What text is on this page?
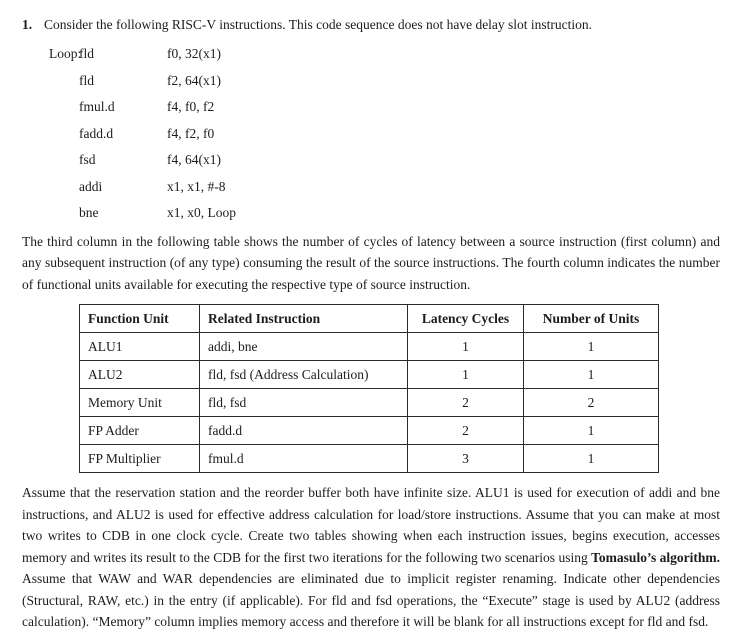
1. Consider the following RISC-V instructions. This code sequence does not have delay slot instruction.
Loop:
fld	f0, 32(x1)
fld	f2, 64(x1)
fmul.d	f4, f0, f2
fadd.d	f4, f2, f0
fsd	f4, 64(x1)
addi	x1, x1, #-8
bne	x1, x0, Loop

The third column in the following table shows the number of cycles of latency between a source instruction (first column) and any subsequent instruction (of any type) consuming the result of the source instructions. The fourth column indicates the number of functional units available for executing the respective type of source instruction.

Function Unit	Related Instruction	Latency Cycles	Number of Units
ALU1	addi, bne	1	1
ALU2	fld, fsd (Address Calculation)	1	1
Memory Unit	fld, fsd	2	2
FP Adder	fadd.d	2	1
FP Multiplier	fmul.d	3	1

Assume that the reservation station and the reorder buffer both have infinite size. ALU1 is used for execution of addi and bne instructions, and ALU2 is used for effective address calculation for load/store instructions. Assume that you can make at most two writes to CDB in one clock cycle. Create two tables showing when each instruction issues, begins execution, accesses memory and writes its result to the CDB for the first two iterations for the following two scenarios using Tomasulo’s algorithm. Assume that WAW and WAR dependencies are eliminated due to implicit register renaming. Indicate other dependencies (Structural, RAW, etc.) in the entry (if applicable). For fld and fsd operations, the “Execute” stage is used by ALU2 (address calculation). “Memory” column implies memory access and therefore it will be blank for all instructions except for fld and fsd.
